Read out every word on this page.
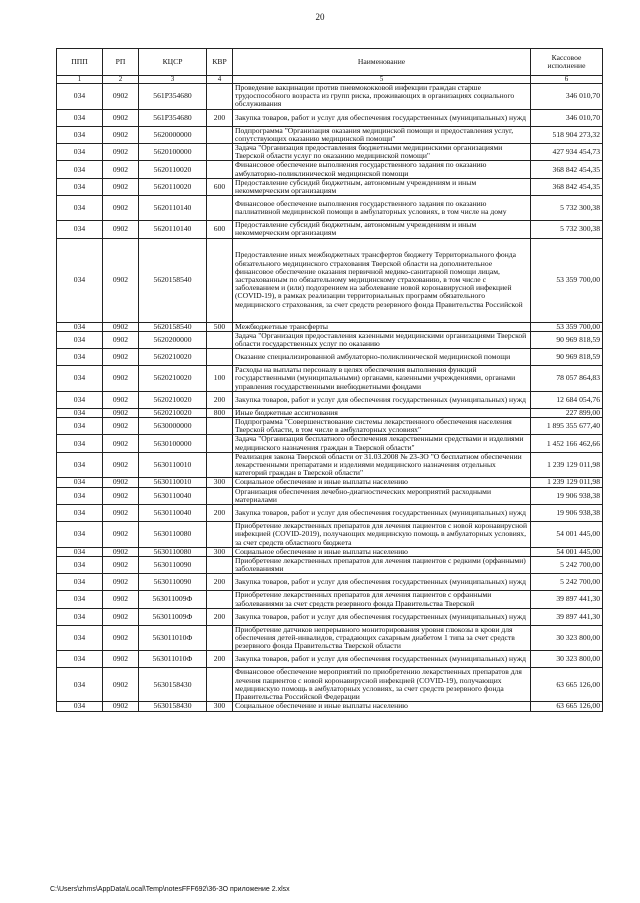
20
ППП	РП	КЦСР	КВР	Наименование	Кассовое исполнение
1	2	3	4	5	6
034	0902	561P354680		Проведение вакцинации против пневмококковой инфекции граждан старше трудоспособного возраста из групп риска, проживающих в организациях социального обслуживания	346 010,70
034	0902	561P354680	200	Закупка товаров, работ и услуг для обеспечения государственных (муниципальных) нужд	346 010,70
034	0902	5620000000		Подпрограмма "Организация оказания медицинской помощи и предоставления услуг, сопутствующих оказанию медицинской помощи"	518 904 273,32
034	0902	5620100000		Задача "Организация предоставления бюджетными медицинскими организациями Тверской области услуг по оказанию медицинской помощи"	427 934 454,73
034	0902	5620110020		Финансовое обеспечение выполнения государственного задания по оказанию амбулаторно-поликлинической медицинской помощи	368 842 454,35
034	0902	5620110020	600	Предоставление субсидий бюджетным, автономным учреждениям и иным некоммерческим организациям	368 842 454,35
034	0902	5620110140		Финансовое обеспечение выполнения государственного задания по оказанию паллиативной медицинской помощи в амбулаторных условиях, в том числе на дому	5 732 300,38
034	0902	5620110140	600	Предоставление субсидий бюджетным, автономным учреждениям и иным некоммерческим организациям	5 732 300,38
034	0902	5620158540		Предоставление иных межбюджетных трансфертов бюджету Территориального фонда обязательного медицинского страхования Тверской области на дополнительное финансовое обеспечение оказания первичной медико-санитарной помощи лицам, застрахованным по обязательному медицинскому страхованию, в том числе с заболеванием и (или) подозрением на заболевание новой коронавирусной инфекцией (COVID-19), в рамках реализации территориальных программ обязательного медицинского страхования, за счет средств резервного фонда Правительства Российской	53 359 700,00
034	0902	5620158540	500	Межбюджетные трансферты	53 359 700,00
034	0902	5620200000		Задача "Организация предоставления казенными медицинскими организациями Тверской области государственных услуг по оказанию	90 969 818,59
034	0902	5620210020		Оказание специализированной амбулаторно-поликлинической медицинской помощи	90 969 818,59
034	0902	5620210020	100	Расходы на выплаты персоналу в целях обеспечения выполнения функций государственными (муниципальными) органами, казенными учреждениями, органами управления государственными внебюджетными фондами	78 057 864,83
034	0902	5620210020	200	Закупка товаров, работ и услуг для обеспечения государственных (муниципальных) нужд	12 684 054,76
034	0902	5620210020	800	Иные бюджетные ассигнования	227 899,00
034	0902	5630000000		Подпрограмма "Совершенствование системы лекарственного обеспечения населения Тверской области, в том числе в амбулаторных условиях"	1 895 355 677,40
034	0902	5630100000		Задача "Организация бесплатного обеспечения лекарственными средствами и изделиями медицинского назначения граждан в Тверской области"	1 452 166 462,66
034	0902	5630110010		Реализация закона Тверской области от 31.03.2008 № 23-ЗО "О бесплатном обеспечении лекарственными препаратами и изделиями медицинского назначения отдельных категорий граждан в Тверской области"	1 239 129 011,98
034	0902	5630110010	300	Социальное обеспечение и иные выплаты населению	1 239 129 011,98
034	0902	5630110040		Организация обеспечения лечебно-диагностических мероприятий расходными материалами	19 906 938,38
034	0902	5630110040	200	Закупка товаров, работ и услуг для обеспечения государственных (муниципальных) нужд	19 906 938,38
034	0902	5630110080		Приобретение лекарственных препаратов для лечения пациентов с новой коронавирусной инфекцией (COVID-2019), получающих медицинскую помощь в амбулаторных условиях, за счет средств областного бюджета	54 001 445,00
034	0902	5630110080	300	Социальное обеспечение и иные выплаты населению	54 001 445,00
034	0902	5630110090		Приобретение лекарственных препаратов для лечения пациентов с редкими (орфанными) заболеваниями	5 242 700,00
034	0902	5630110090	200	Закупка товаров, работ и услуг для обеспечения государственных (муниципальных) нужд	5 242 700,00
034	0902	563011009Ф		Приобретение лекарственных препаратов для лечения пациентов с орфанными заболеваниями за счет средств резервного фонда Правительства Тверской	39 897 441,30
034	0902	563011009Ф	200	Закупка товаров, работ и услуг для обеспечения государственных (муниципальных) нужд	39 897 441,30
034	0902	563011010Ф		Приобретение датчиков непрерывного мониторирования уровня глюкозы в крови для обеспечения детей-инвалидов, страдающих сахарным диабетом 1 типа за счет средств резервного фонда Правительства Тверской области	30 323 800,00
034	0902	563011010Ф	200	Закупка товаров, работ и услуг для обеспечения государственных (муниципальных) нужд	30 323 800,00
034	0902	5630158430		Финансовое обеспечение мероприятий по приобретению лекарственных препаратов для лечения пациентов с новой коронавирусной инфекцией (COVID-19), получающих медицинскую помощь в амбулаторных условиях, за счет средств резервного фонда Правительства Российской Федерации	63 665 126,00
034	0902	5630158430	300	Социальное обеспечение и иные выплаты населению	63 665 126,00
C:\Users\zhms\AppData\Local\Temp\notesFFF692\36-ЗО приложение 2.xlsx
